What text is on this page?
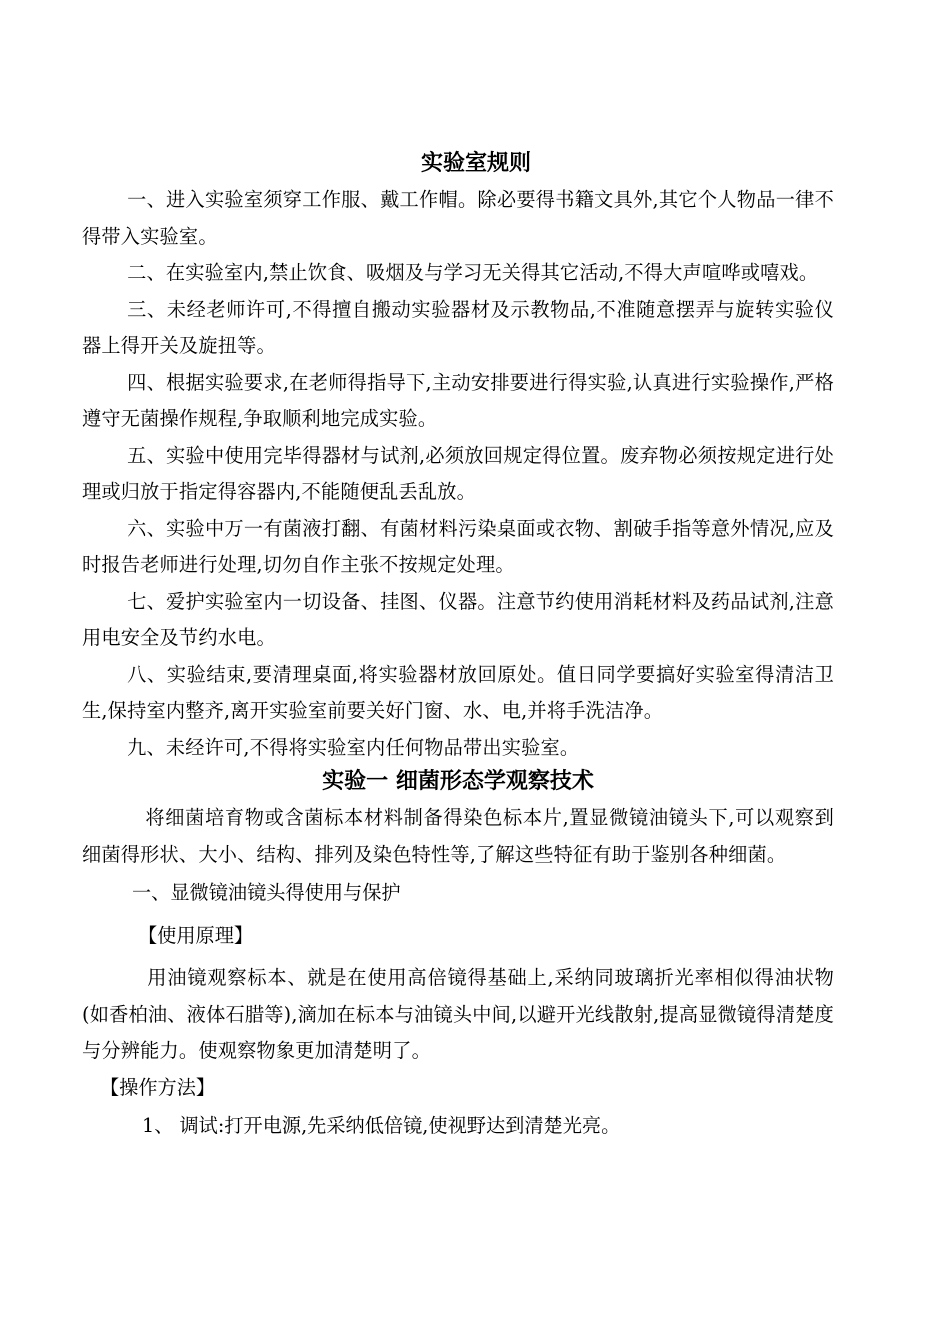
实验室规则

一、进入实验室须穿工作服、戴工作帽。除必要得书籍文具外,其它个人物品一律不得带入实验室。

二、在实验室内,禁止饮食、吸烟及与学习无关得其它活动,不得大声喧哗或嘻戏。

三、未经老师许可,不得擅自搬动实验器材及示教物品,不准随意摆弄与旋转实验仪器上得开关及旋扭等。

四、根据实验要求,在老师得指导下,主动安排要进行得实验,认真进行实验操作,严格遵守无菌操作规程,争取顺利地完成实验。

五、实验中使用完毕得器材与试剂,必须放回规定得位置。废弃物必须按规定进行处理或归放于指定得容器内,不能随便乱丢乱放。

六、实验中万一有菌液打翻、有菌材料污染桌面或衣物、割破手指等意外情况,应及时报告老师进行处理,切勿自作主张不按规定处理。

七、爱护实验室内一切设备、挂图、仪器。注意节约使用消耗材料及药品试剂,注意用电安全及节约水电。

八、实验结束,要清理桌面,将实验器材放回原处。值日同学要搞好实验室得清洁卫生,保持室内整齐,离开实验室前要关好门窗、水、电,并将手洗洁净。

九、未经许可,不得将实验室内任何物品带出实验室。

实验一 细菌形态学观察技术

将细菌培育物或含菌标本材料制备得染色标本片,置显微镜油镜头下,可以观察到细菌得形状、大小、结构、排列及染色特性等,了解这些特征有助于鉴别各种细菌。

一、显微镜油镜头得使用与保护

【使用原理】

用油镜观察标本、就是在使用高倍镜得基础上,采纳同玻璃折光率相似得油状物(如香柏油、液体石腊等),滴加在标本与油镜头中间,以避开光线散射,提高显微镜得清楚度与分辨能力。使观察物象更加清楚明了。

【操作方法】

1、 调试:打开电源,先采纳低倍镜,使视野达到清楚光亮。
